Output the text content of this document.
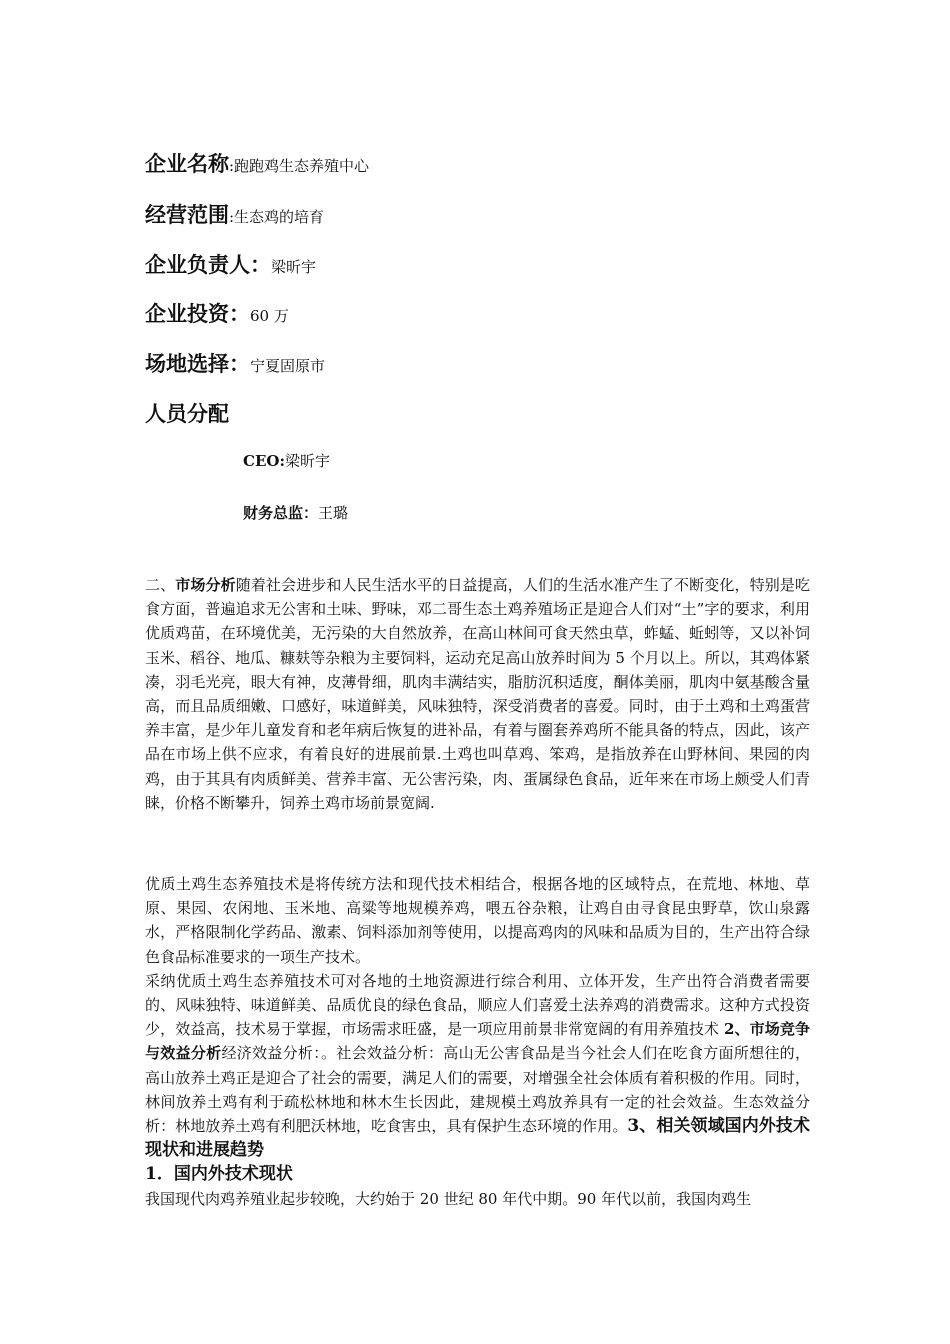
企业名称:跑跑鸡生态养殖中心
经营范围:生态鸡的培育
企业负责人：梁昕宇
企业投资：60 万
场地选择：宁夏固原市
人员分配
CEO:梁昕宇
财务总监：王璐
二、市场分析随着社会进步和人民生活水平的日益提高，人们的生活水准产生了不断变化，特别是吃食方面，普遍追求无公害和土味、野味，邓二哥生态土鸡养殖场正是迎合人们对“土”字的要求，利用优质鸡苗，在环境优美，无污染的大自然放养，在高山林间可食天然虫草，蚱蜢、蚯蚓等，又以补饲玉米、稻谷、地瓜、糠麸等杂粮为主要饲料，运动充足高山放养时间为 5 个月以上。所以，其鸡体紧凑，羽毛光亮，眼大有神，皮薄骨细，肌肉丰满结实，脂肪沉积适度，酮体美丽，肌肉中氨基酸含量高，而且品质细嫩、口感好，味道鲜美，风味独特，深受消费者的喜爱。同时，由于土鸡和土鸡蛋营养丰富，是少年儿童发育和老年病后恢复的进补品，有着与圈套养鸡所不能具备的特点，因此，该产品在市场上供不应求，有着良好的进展前景.土鸡也叫草鸡、笨鸡，是指放养在山野林间、果园的肉鸡，由于其具有肉质鲜美、营养丰富、无公害污染，肉、蛋属绿色食品，近年来在市场上颇受人们青睐，价格不断攀升，饲养土鸡市场前景宽阔.
优质土鸡生态养殖技术是将传统方法和现代技术相结合，根据各地的区域特点，在荒地、林地、草原、果园、农闲地、玉米地、高粱等地规模养鸡，喂五谷杂粮，让鸡自由寻食昆虫野草，饮山泉露水，严格限制化学药品、激素、饲料添加剂等使用，以提高鸡肉的风味和品质为目的，生产出符合绿色食品标准要求的一项生产技术。
采纳优质土鸡生态养殖技术可对各地的土地资源进行综合利用、立体开发，生产出符合消费者需要的、风味独特、味道鲜美、品质优良的绿色食品，顺应人们喜爱土法养鸡的消费需求。这种方式投资少，效益高，技术易于掌握，市场需求旺盛，是一项应用前景非常宽阔的有用养殖技术 2、市场竞争与效益分析经济效益分析：。社会效益分析：高山无公害食品是当今社会人们在吃食方面所想往的，高山放养土鸡正是迎合了社会的需要，满足人们的需要，对增强全社会体质有着积极的作用。同时，林间放养土鸡有利于疏松林地和林木生长因此，建规模土鸡放养具有一定的社会效益。生态效益分析：林地放养土鸡有利肥沃林地，吃食害虫，具有保护生态环境的作用。3、相关领域国内外技术现状和进展趋势
1．国内外技术现状
我国现代肉鸡养殖业起步较晚，大约始于 20 世纪 80 年代中期。90 年代以前，我国肉鸡生
